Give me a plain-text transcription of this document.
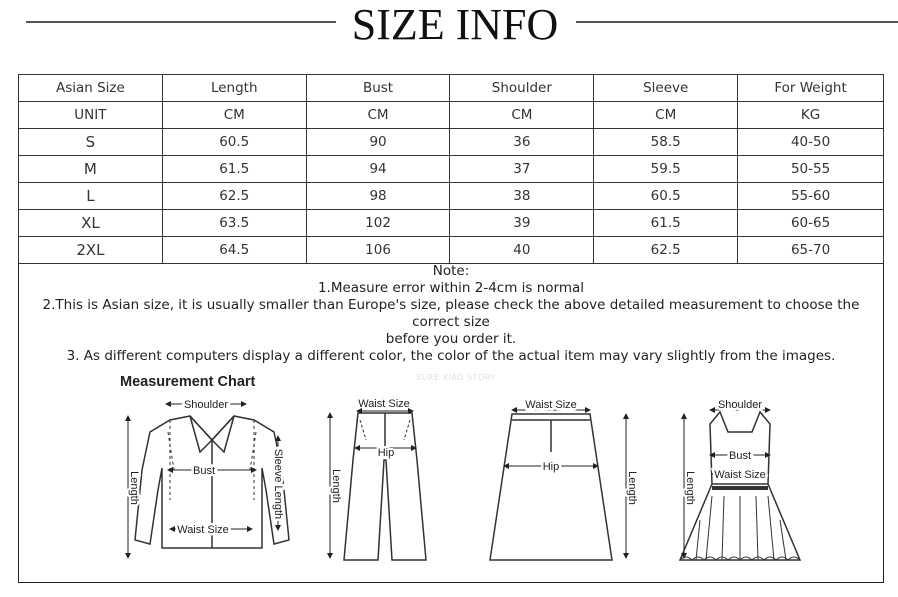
SIZE INFO
Asian Size	Length	Bust	Shoulder	Sleeve	For Weight
UNIT	CM	CM	CM	CM	KG
S	60.5	90	36	58.5	40-50
M	61.5	94	37	59.5	50-55
L	62.5	98	38	60.5	55-60
XL	63.5	102	39	61.5	60-65
2XL	64.5	106	40	62.5	65-70
Note:
1.Measure error within 2-4cm is normal
2.This is Asian size, it is usually smaller than Europe's size, please check the above detailed measurement to choose the correct size
before you order it.
3. As different computers display a different color, the color of the actual item may vary slightly from the images.
Measurement Chart	SURE XIAO STORY
Shoulder
Bust
Waist Size
Length	Sleeve Length
Waist Size
Hip
Length
Waist Size
Hip
Length
Shoulder
Bust
Waist Size
Length
